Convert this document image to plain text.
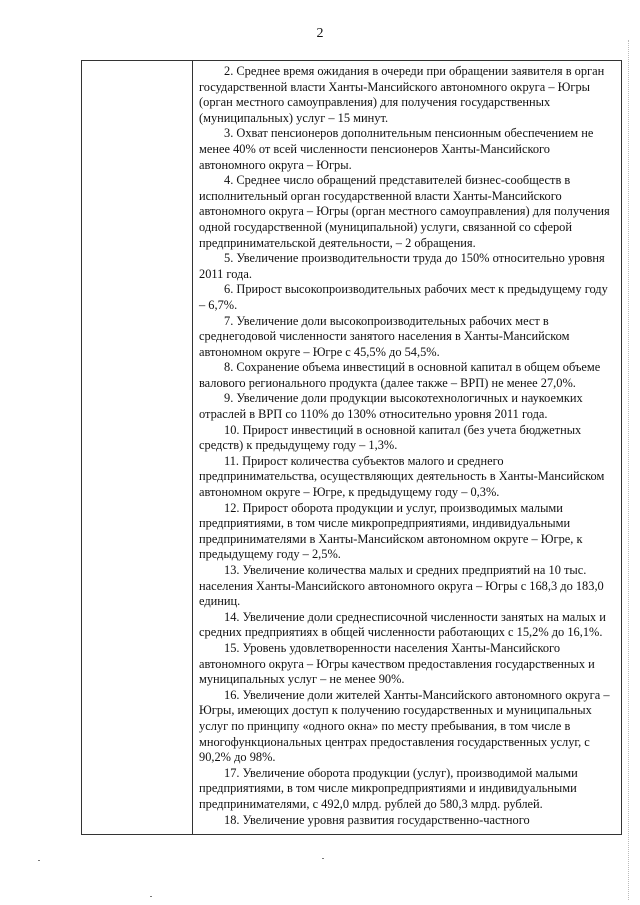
2

2. Среднее время ожидания в очереди при обращении заявителя в орган государственной власти Ханты-Мансийского автономного округа – Югры (орган местного самоуправления) для получения государственных (муниципальных) услуг – 15 минут.

3. Охват пенсионеров дополнительным пенсионным обеспечением не менее 40% от всей численности пенсионеров Ханты-Мансийского автономного округа – Югры.

4. Среднее число обращений представителей бизнес-сообществ в исполнительный орган государственной власти Ханты-Мансийского автономного округа – Югры (орган местного самоуправления) для получения одной государственной (муниципальной) услуги, связанной со сферой предпринимательской деятельности, – 2 обращения.

5. Увеличение производительности труда до 150% относительно уровня 2011 года.

6. Прирост высокопроизводительных рабочих мест к предыдущему году – 6,7%.

7. Увеличение доли высокопроизводительных рабочих мест в среднегодовой численности занятого населения в Ханты-Мансийском автономном округе – Югре с 45,5% до 54,5%.

8. Сохранение объема инвестиций в основной капитал в общем объеме валового регионального продукта (далее также – ВРП) не менее 27,0%.

9. Увеличение доли продукции высокотехнологичных и наукоемких отраслей в ВРП со 110% до 130% относительно уровня 2011 года.

10. Прирост инвестиций в основной капитал (без учета бюджетных средств) к предыдущему году – 1,3%.

11. Прирост количества субъектов малого и среднего предпринимательства, осуществляющих деятельность в Ханты-Мансийском автономном округе – Югре, к предыдущему году – 0,3%.

12. Прирост оборота продукции и услуг, производимых малыми предприятиями, в том числе микропредприятиями, индивидуальными предпринимателями в Ханты-Мансийском автономном округе – Югре, к предыдущему году – 2,5%.

13. Увеличение количества малых и средних предприятий на 10 тыс. населения Ханты-Мансийского автономного округа – Югры с 168,3 до 183,0 единиц.

14. Увеличение доли среднесписочной численности занятых на малых и средних предприятиях в общей численности работающих с 15,2% до 16,1%.

15. Уровень удовлетворенности населения Ханты-Мансийского автономного округа – Югры качеством предоставления государственных и муниципальных услуг – не менее 90%.

16. Увеличение доли жителей Ханты-Мансийского автономного округа – Югры, имеющих доступ к получению государственных и муниципальных услуг по принципу «одного окна» по месту пребывания, в том числе в многофункциональных центрах предоставления государственных услуг, с 90,2% до 98%.

17. Увеличение оборота продукции (услуг), производимой малыми предприятиями, в том числе микропредприятиями и индивидуальными предпринимателями, с 492,0 млрд. рублей до 580,3 млрд. рублей.

18. Увеличение уровня развития государственно-частного
